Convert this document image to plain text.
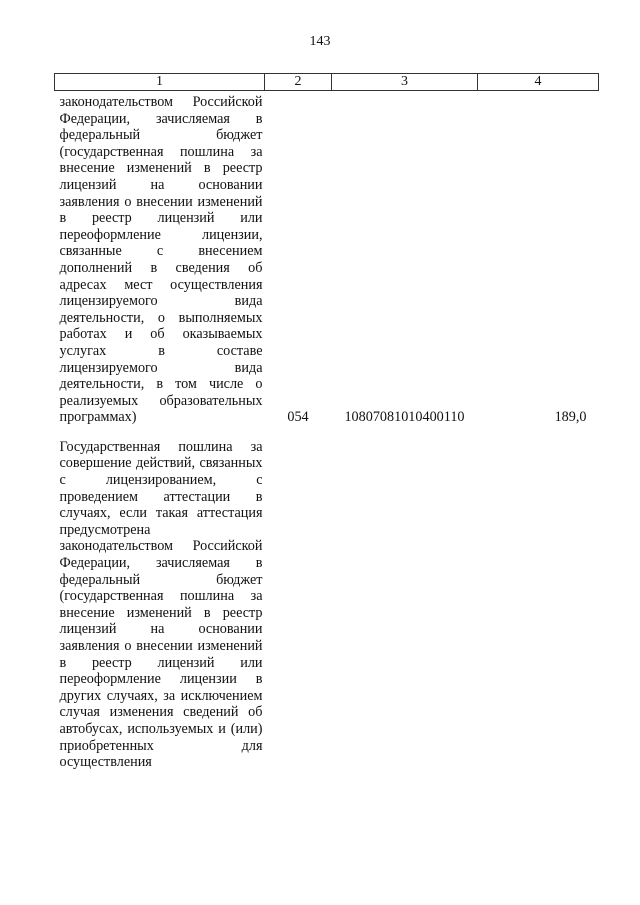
143
1	2	3	4
законодательством Российской Федерации, зачисляемая в федеральный бюджет (государственная пошлина за внесение изменений в реестр лицензий на основании заявления о внесении изменений в реестр лицензий или переоформление лицензии, связанные с внесением дополнений в сведения об адресах мест осуществления лицензируемого вида деятельности, о выполняемых работах и об оказываемых услугах в составе лицензируемого вида деятельности, в том числе о реализуемых образовательных программах)	054	10807081010400110	189,0
Государственная пошлина за совершение действий, связанных с лицензированием, с проведением аттестации в случаях, если такая аттестация предусмотрена законодательством Российской Федерации, зачисляемая в федеральный бюджет (государственная пошлина за внесение изменений в реестр лицензий на основании заявления о внесении изменений в реестр лицензий или переоформление лицензии в других случаях, за исключением случая изменения сведений об автобусах, используемых и (или) приобретенных для осуществления			
